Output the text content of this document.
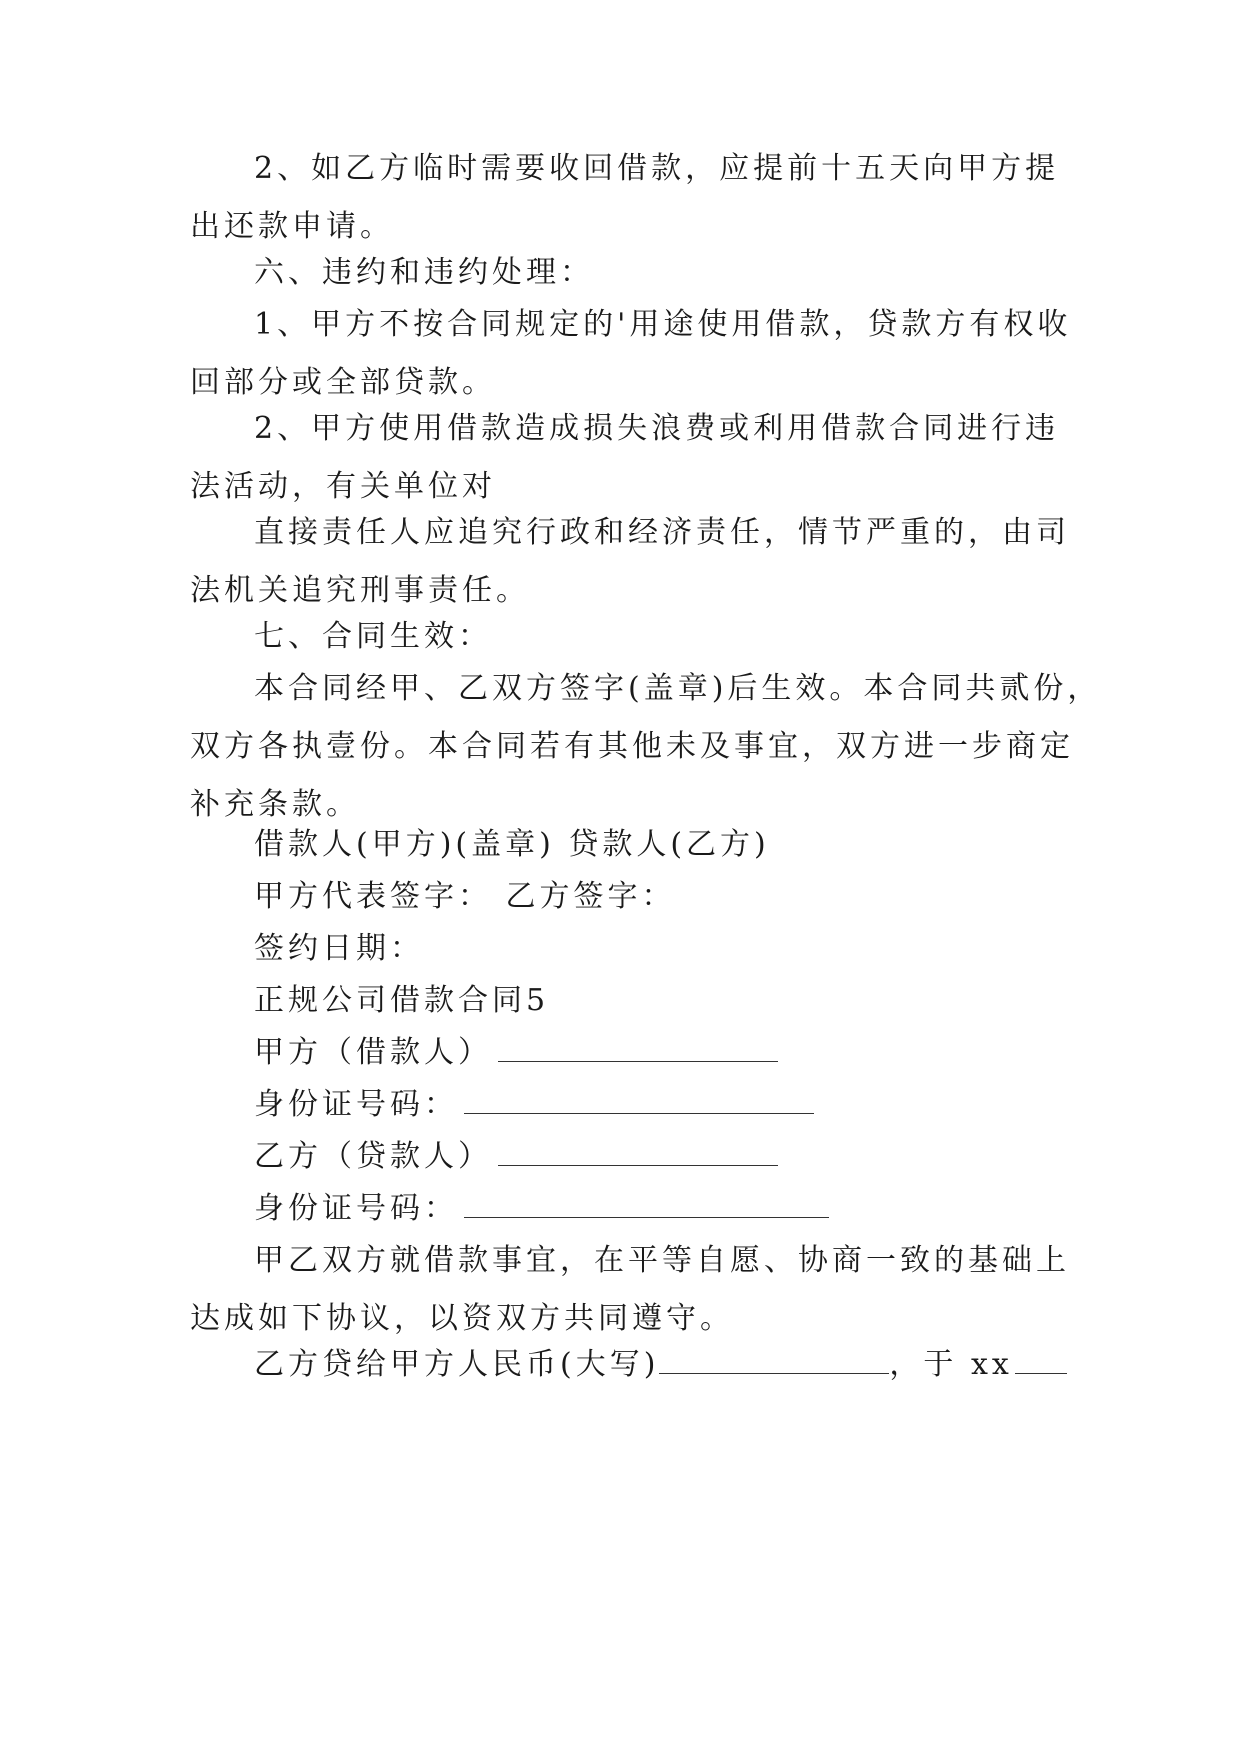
2、如乙方临时需要收回借款，应提前十五天向甲方提
出还款申请。
六、违约和违约处理：
1、甲方不按合同规定的'用途使用借款，贷款方有权收
回部分或全部贷款。
2、甲方使用借款造成损失浪费或利用借款合同进行违
法活动，有关单位对
直接责任人应追究行政和经济责任，情节严重的，由司
法机关追究刑事责任。
七、合同生效：
本合同经甲、乙双方签字(盖章)后生效。本合同共贰份，
双方各执壹份。本合同若有其他未及事宜，双方进一步商定
补充条款。
借款人(甲方)(盖章) 贷款人(乙方)
甲方代表签字： 乙方签字：
签约日期：
正规公司借款合同5
甲方（借款人）
身份证号码：
乙方（贷款人）
身份证号码：
甲乙双方就借款事宜，在平等自愿、协商一致的基础上
达成如下协议，以资双方共同遵守。
乙方贷给甲方人民币(大写)	，于 xx
